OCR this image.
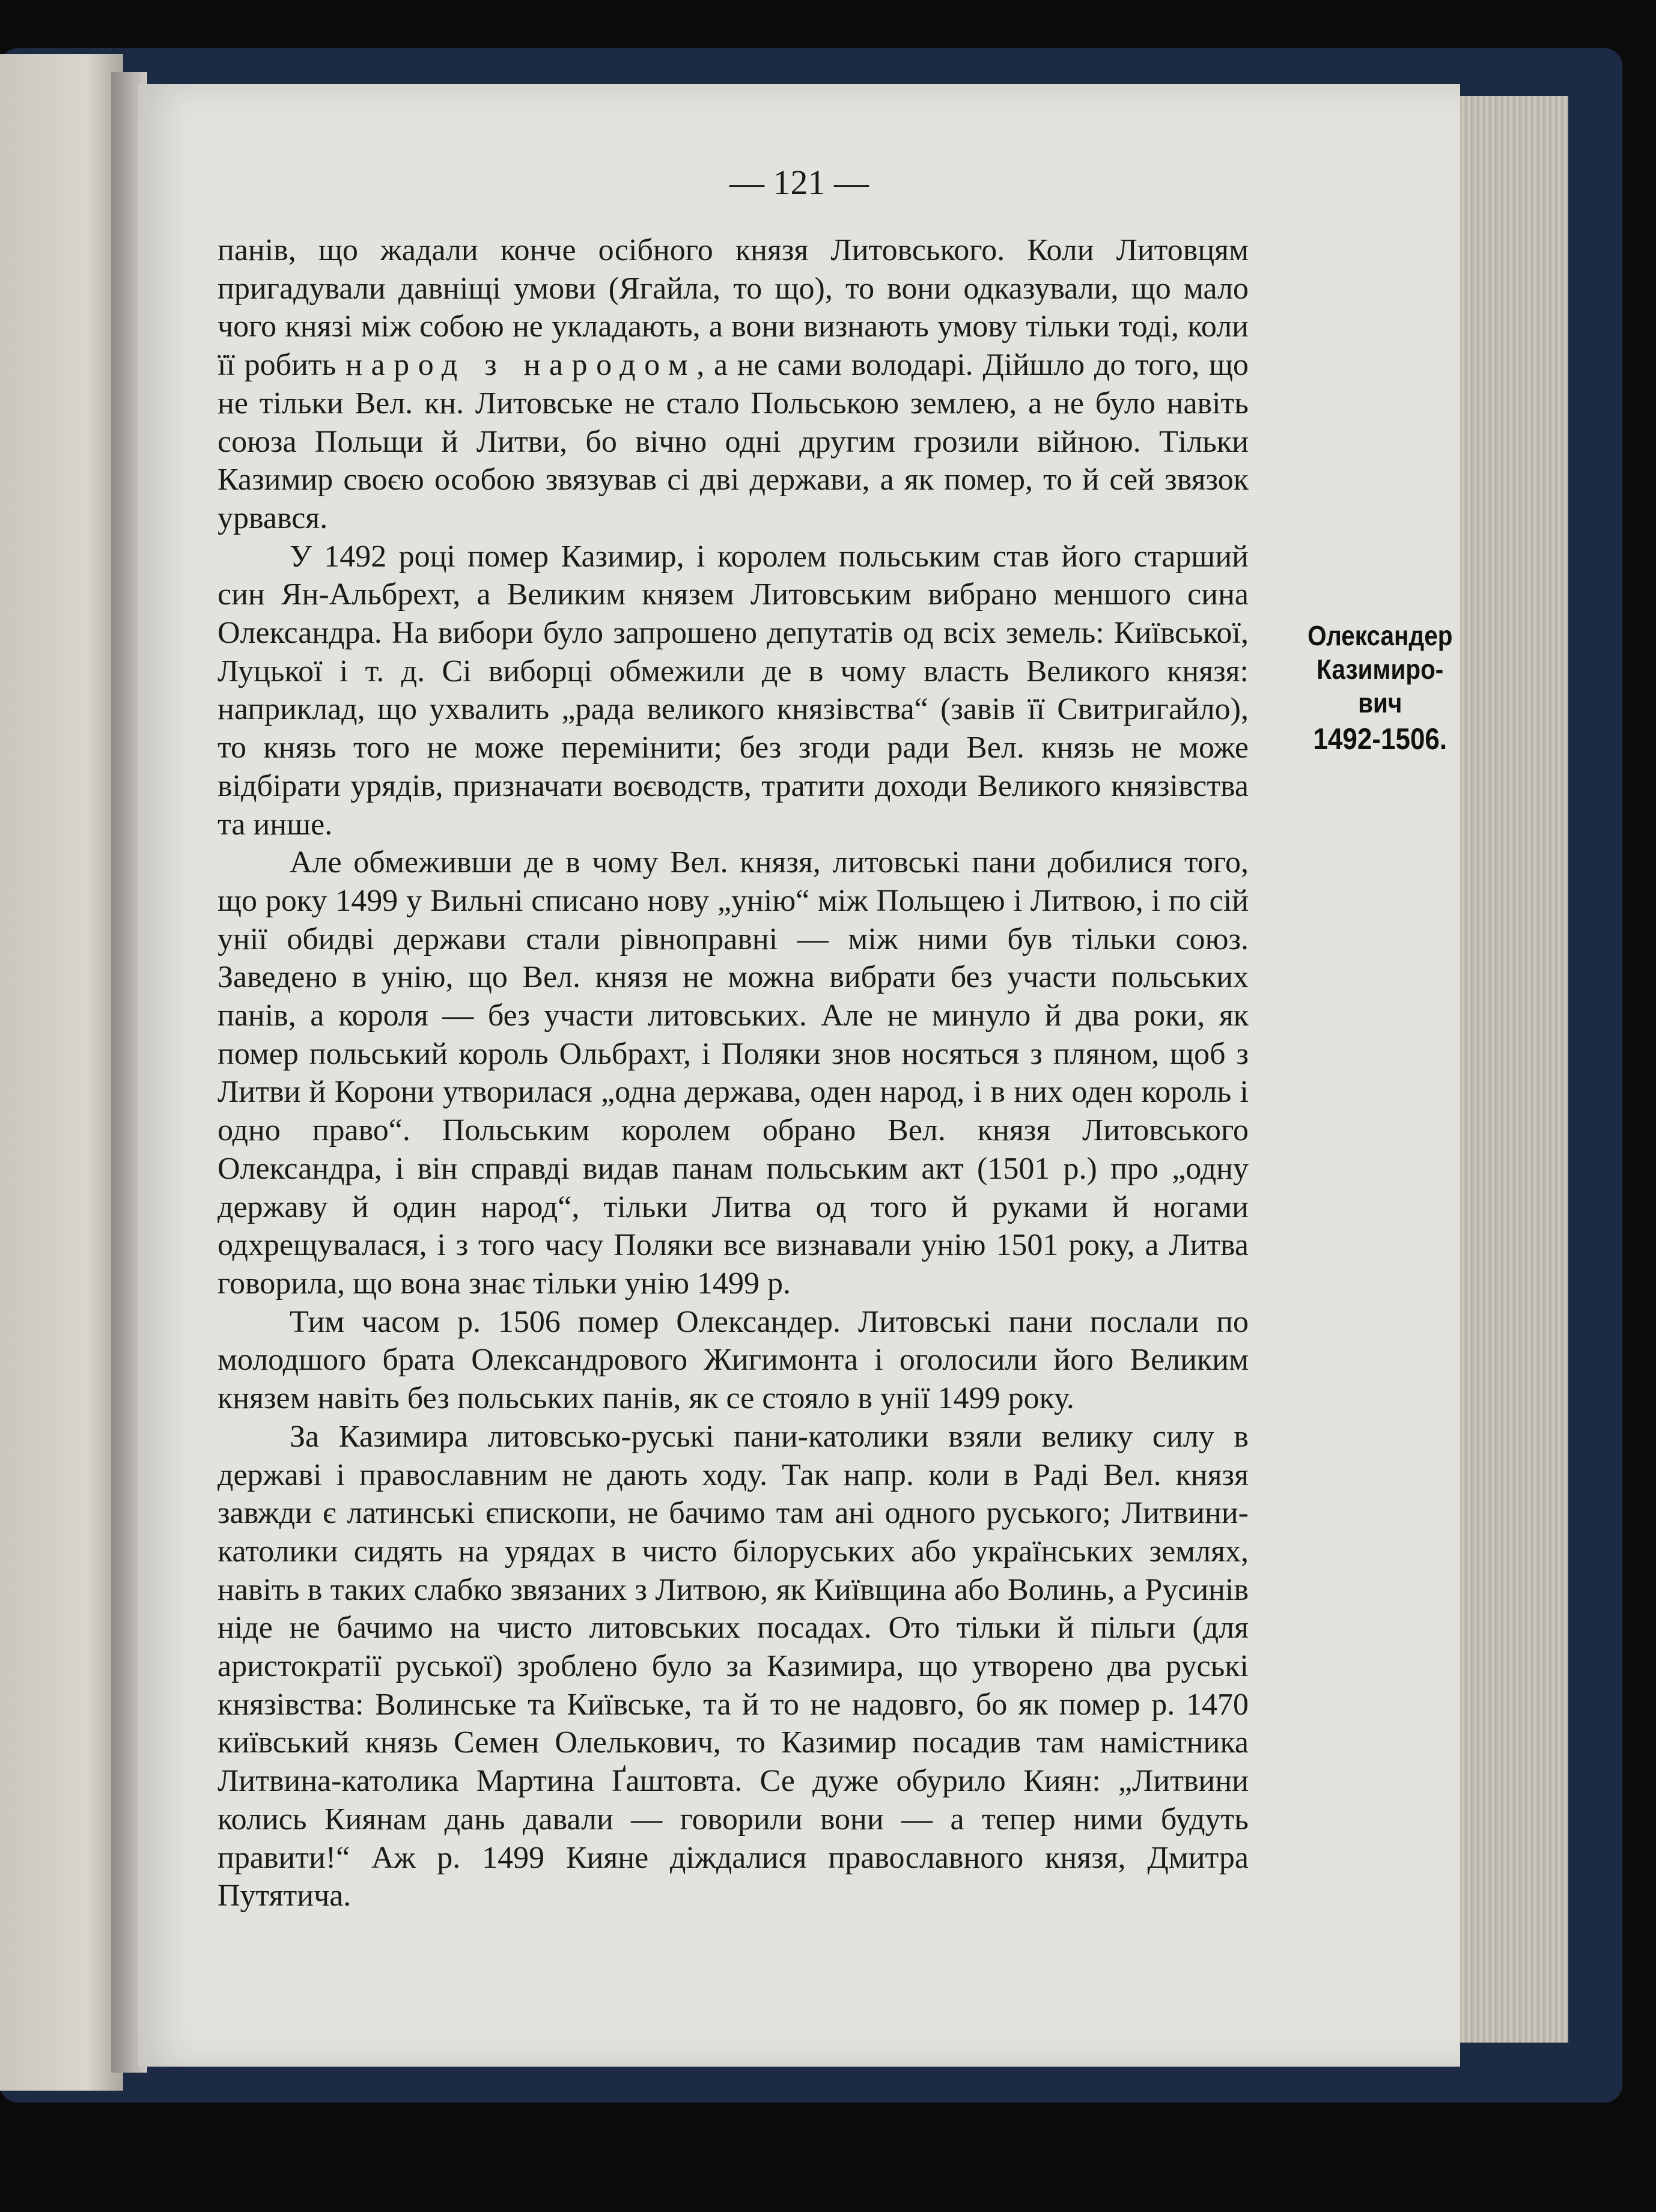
— 121 —

панів, що жадали конче осібного князя Литовського. Коли Литовцям пригадували давніщі умови (Ягайла, то що), то вони одказували, що мало чого князі між собою не укладають, а вони визнають умову тільки тоді, коли її робить народ з народом, а не сами володарі. Дійшло до того, що не тільки Вел. кн. Литовське не стало Польською землею, а не було навіть союза Польщи й Литви, бо вічно одні другим грозили війною. Тільки Казимир своєю особою звязував сі дві держави, а як помер, то й сей звязок урвався.

У 1492 році помер Казимир, і королем польським став його старший син Ян-Альбрехт, а Великим князем Литовським вибрано меншого сина Олександра. На вибори було запрошено депутатів од всіх земель: Київської, Луцької і т. д. Сі виборці обмежили де в чому власть Великого князя: наприклад, що ухвалить „рада великого князівства“ (завів її Свитригайло), то князь того не може перемінити; без згоди ради Вел. князь не може відбірати урядів, призначати воєводств, тратити доходи Великого князівства та инше.

Але обмеживши де в чому Вел. князя, литовські пани добилися того, що року 1499 у Вильні списано нову „унію“ між Польщею і Литвою, і по сій унії обидві держави стали рівноправні — між ними був тільки союз. Заведено в унію, що Вел. князя не можна вибрати без участи польських панів, а короля — без участи литовських. Але не минуло й два роки, як помер польський король Ольбрахт, і Поляки знов носяться з пляном, щоб з Литви й Корони утворилася „одна держава, оден народ, і в них оден король і одно право“. Польським королем обрано Вел. князя Литовського Олександра, і він справді видав панам польським акт (1501 р.) про „одну державу й один народ“, тільки Литва од того й руками й ногами одхрещувалася, і з того часу Поляки все визнавали унію 1501 року, а Литва говорила, що вона знає тільки унію 1499 р.

Тим часом р. 1506 помер Олександер. Литовські пани послали по молодшого брата Олександрового Жигимонта і оголосили його Великим князем навіть без польських панів, як се стояло в унії 1499 року.

За Казимира литовсько-руські пани-католики взяли велику силу в державі і православним не дають ходу. Так напр. коли в Раді Вел. князя завжди є латинські єпископи, не бачимо там ані одного руського; Литвини-католики сидять на урядах в чисто білоруських або українських землях, навіть в таких слабко звязаних з Литвою, як Київщина або Волинь, а Русинів ніде не бачимо на чисто литовських посадах. Ото тільки й пільги (для аристократії руської) зроблено було за Казимира, що утворено два руські князівства: Волинське та Київське, та й то не надовго, бо як помер р. 1470 київський князь Семен Олелькович, то Казимир посадив там намістника Литвина-католика Мартина Ґаштовта. Се дуже обурило Киян: „Литвини колись Киянам дань давали — говорили вони — а тепер ними будуть правити!“ Аж р. 1499 Кияне діждалися православного князя, Дмитра Путятича.

Олександер
Казимиро-
вич
1492-1506.
